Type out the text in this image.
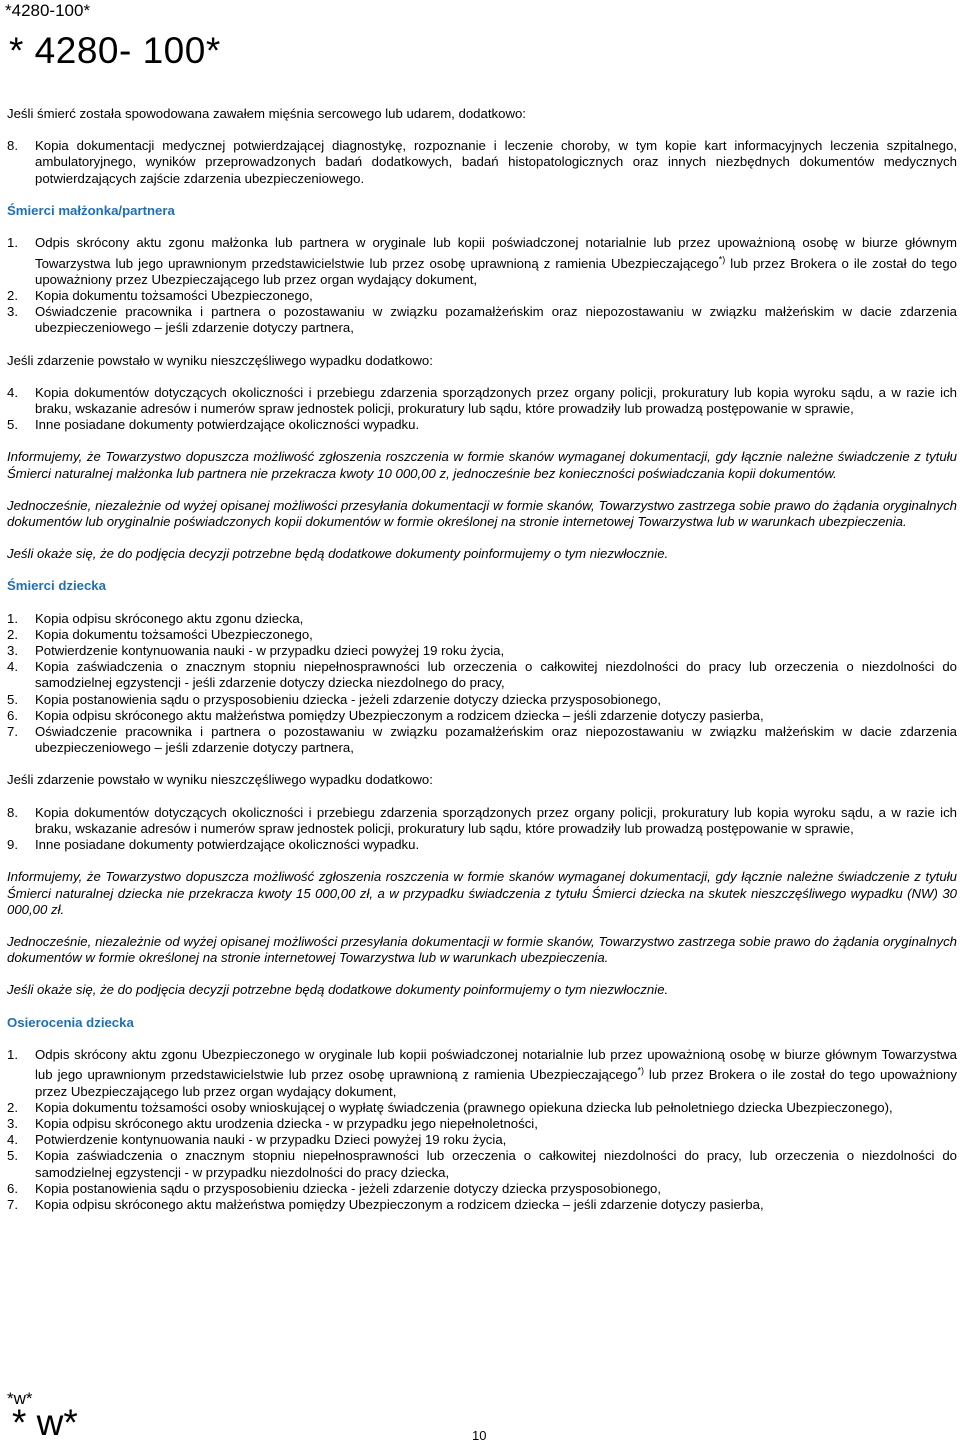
*4280-100*
* 4280- 100*

Jeśli śmierć została spowodowana zawałem mięśnia sercowego lub udarem, dodatkowo:

8. Kopia dokumentacji medycznej potwierdzającej diagnostykę, rozpoznanie i leczenie choroby, w tym kopie kart informacyjnych leczenia szpitalnego, ambulatoryjnego, wyników przeprowadzonych badań dodatkowych, badań histopatologicznych oraz innych niezbędnych dokumentów medycznych potwierdzających zajście zdarzenia ubezpieczeniowego.

Śmierci małżonka/partnera

1. Odpis skrócony aktu zgonu małżonka lub partnera w oryginale lub kopii poświadczonej notarialnie lub przez upoważnioną osobę w biurze głównym Towarzystwa lub jego uprawnionym przedstawicielstwie lub przez osobę uprawnioną z ramienia Ubezpieczającego*) lub przez Brokera o ile został do tego upoważniony przez Ubezpieczającego lub przez organ wydający dokument,
2. Kopia dokumentu tożsamości Ubezpieczonego,
3. Oświadczenie pracownika i partnera o pozostawaniu w związku pozamałżeńskim oraz niepozostawaniu w związku małżeńskim w dacie zdarzenia ubezpieczeniowego – jeśli zdarzenie dotyczy partnera,

Jeśli zdarzenie powstało w wyniku nieszczęśliwego wypadku dodatkowo:

4. Kopia dokumentów dotyczących okoliczności i przebiegu zdarzenia sporządzonych przez organy policji, prokuratury lub kopia wyroku sądu, a w razie ich braku, wskazanie adresów i numerów spraw jednostek policji, prokuratury lub sądu, które prowadziły lub prowadzą postępowanie w sprawie,
5. Inne posiadane dokumenty potwierdzające okoliczności wypadku.

Informujemy, że Towarzystwo dopuszcza możliwość zgłoszenia roszczenia w formie skanów wymaganej dokumentacji, gdy łącznie należne świadczenie z tytułu Śmierci naturalnej małżonka lub partnera nie przekracza kwoty 10 000,00 z, jednocześnie bez konieczności poświadczania kopii dokumentów.

Jednocześnie, niezależnie od wyżej opisanej możliwości przesyłania dokumentacji w formie skanów, Towarzystwo zastrzega sobie prawo do żądania oryginalnych dokumentów lub oryginalnie poświadczonych kopii dokumentów w formie określonej na stronie internetowej Towarzystwa lub w warunkach ubezpieczenia.

Jeśli okaże się, że do podjęcia decyzji potrzebne będą dodatkowe dokumenty poinformujemy o tym niezwłocznie.

Śmierci dziecka

1. Kopia odpisu skróconego aktu zgonu dziecka,
2. Kopia dokumentu tożsamości Ubezpieczonego,
3. Potwierdzenie kontynuowania nauki - w przypadku dzieci powyżej 19 roku życia,
4. Kopia zaświadczenia o znacznym stopniu niepełnosprawności lub orzeczenia o całkowitej niezdolności do pracy lub orzeczenia o niezdolności do samodzielnej egzystencji - jeśli zdarzenie dotyczy dziecka niezdolnego do pracy,
5. Kopia postanowienia sądu o przysposobieniu dziecka - jeżeli zdarzenie dotyczy dziecka przysposobionego,
6. Kopia odpisu skróconego aktu małżeństwa pomiędzy Ubezpieczonym a rodzicem dziecka – jeśli zdarzenie dotyczy pasierba,
7. Oświadczenie pracownika i partnera o pozostawaniu w związku pozamałżeńskim oraz niepozostawaniu w związku małżeńskim w dacie zdarzenia ubezpieczeniowego – jeśli zdarzenie dotyczy partnera,

Jeśli zdarzenie powstało w wyniku nieszczęśliwego wypadku dodatkowo:

8. Kopia dokumentów dotyczących okoliczności i przebiegu zdarzenia sporządzonych przez organy policji, prokuratury lub kopia wyroku sądu, a w razie ich braku, wskazanie adresów i numerów spraw jednostek policji, prokuratury lub sądu, które prowadziły lub prowadzą postępowanie w sprawie,
9. Inne posiadane dokumenty potwierdzające okoliczności wypadku.

Informujemy, że Towarzystwo dopuszcza możliwość zgłoszenia roszczenia w formie skanów wymaganej dokumentacji, gdy łącznie należne świadczenie z tytułu Śmierci naturalnej dziecka nie przekracza kwoty 15 000,00 zł, a w przypadku świadczenia z tytułu Śmierci dziecka na skutek nieszczęśliwego wypadku (NW) 30 000,00 zł.

Jednocześnie, niezależnie od wyżej opisanej możliwości przesyłania dokumentacji w formie skanów, Towarzystwo zastrzega sobie prawo do żądania oryginalnych dokumentów w formie określonej na stronie internetowej Towarzystwa lub w warunkach ubezpieczenia.

Jeśli okaże się, że do podjęcia decyzji potrzebne będą dodatkowe dokumenty poinformujemy o tym niezwłocznie.

Osierocenia dziecka

1. Odpis skrócony aktu zgonu Ubezpieczonego w oryginale lub kopii poświadczonej notarialnie lub przez upoważnioną osobę w biurze głównym Towarzystwa lub jego uprawnionym przedstawicielstwie lub przez osobę uprawnioną z ramienia Ubezpieczającego*) lub przez Brokera o ile został do tego upoważniony przez Ubezpieczającego lub przez organ wydający dokument,
2. Kopia dokumentu tożsamości osoby wnioskującej o wypłatę świadczenia (prawnego opiekuna dziecka lub pełnoletniego dziecka Ubezpieczonego),
3. Kopia odpisu skróconego aktu urodzenia dziecka - w przypadku jego niepełnoletności,
4. Potwierdzenie kontynuowania nauki - w przypadku Dzieci powyżej 19 roku życia,
5. Kopia zaświadczenia o znacznym stopniu niepełnosprawności lub orzeczenia o całkowitej niezdolności do pracy, lub orzeczenia o niezdolności do samodzielnej egzystencji - w przypadku niezdolności do pracy dziecka,
6. Kopia postanowienia sądu o przysposobieniu dziecka - jeżeli zdarzenie dotyczy dziecka przysposobionego,
7. Kopia odpisu skróconego aktu małżeństwa pomiędzy Ubezpieczonym a rodzicem dziecka – jeśli zdarzenie dotyczy pasierba,
*w*
* w*	10
